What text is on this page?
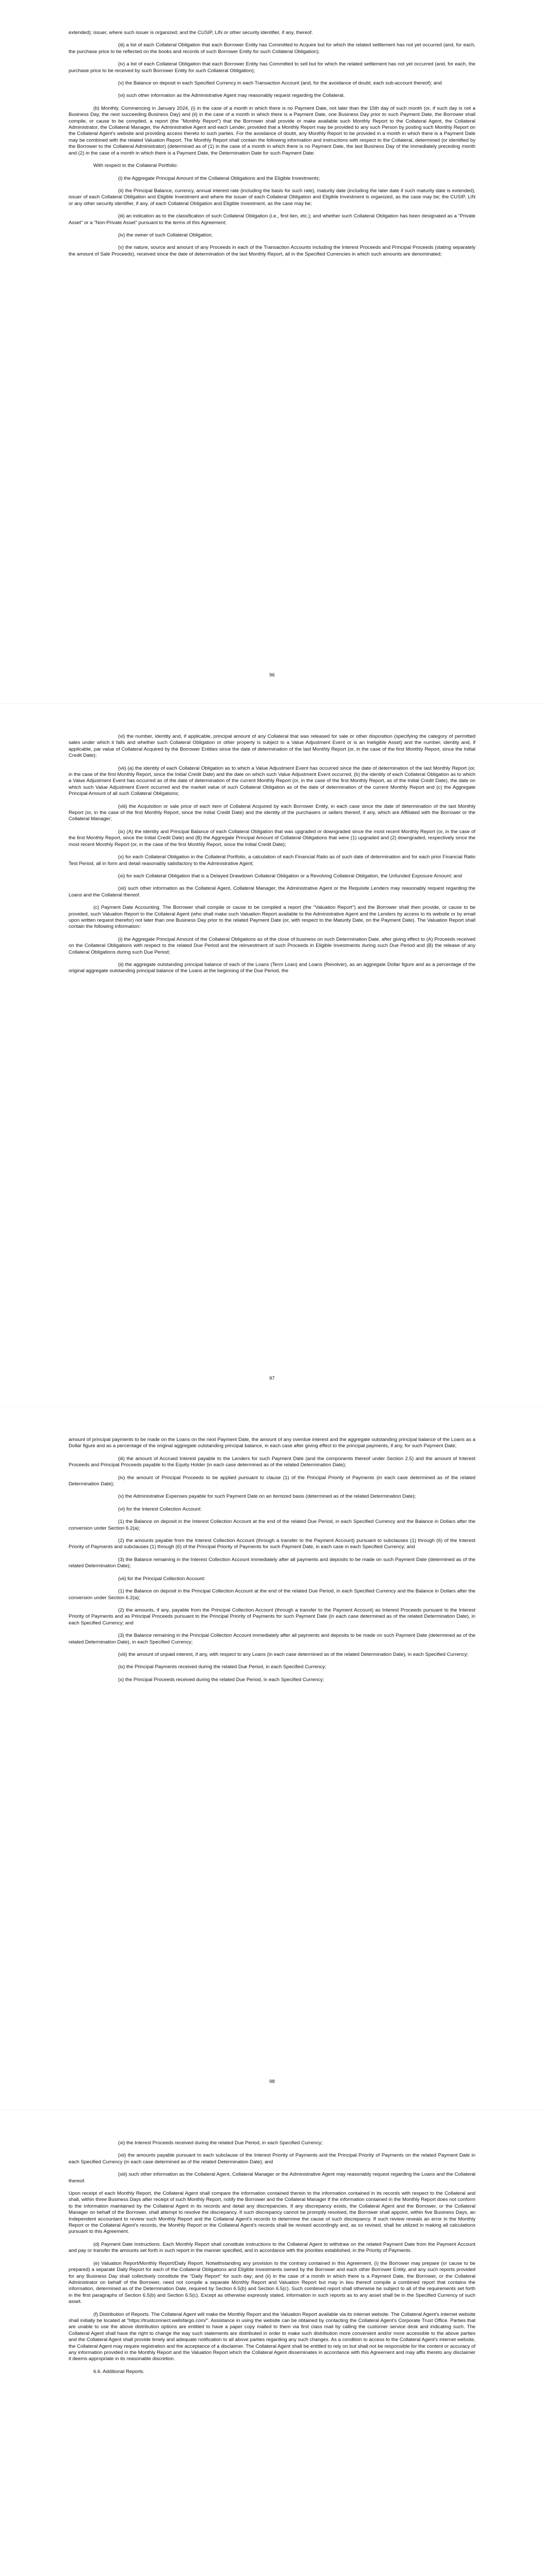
extended); issuer, where such issuer is organized; and the CUSIP, LIN or other security identifier, if any, thereof.

(iii) a list of each Collateral Obligation that each Borrower Entity has Committed to Acquire but for which the related settlement has not yet occurred (and, for each, the purchase price to be reflected on the books and records of such Borrower Entity for such Collateral Obligation);

(iv) a list of each Collateral Obligation that each Borrower Entity has Committed to sell but for which the related settlement has not yet occurred (and, for each, the purchase price to be received by such Borrower Entity for such Collateral Obligation);

(v) the Balance on deposit in each Specified Currency in each Transaction Account (and, for the avoidance of doubt, each sub-account thereof); and

(vi) such other information as the Administrative Agent may reasonably request regarding the Collateral.

(b) Monthly. Commencing in January 2024, (i) in the case of a month in which there is no Payment Date, not later than the 15th day of such month (or, if such day is not a Business Day, the next succeeding Business Day) and (ii) in the case of a month in which there is a Payment Date, one Business Day prior to such Payment Date, the Borrower shall compile, or cause to be compiled, a report (the "Monthly Report") that the Borrower shall provide or make available such Monthly Report to the Collateral Agent, the Collateral Administrator, the Collateral Manager, the Administrative Agent and each Lender, provided that a Monthly Report may be provided to any such Person by posting such Monthly Report on the Collateral Agent's website and providing access thereto to such parties. For the avoidance of doubt, any Monthly Report to be provided in a month in which there is a Payment Date may be combined with the related Valuation Report. The Monthly Report shall contain the following information and instructions with respect to the Collateral, determined (or identified by the Borrower to the Collateral Administrator) (determined as of (1) in the case of a month in which there is no Payment Date, the last Business Day of the immediately preceding month and (2) in the case of a month in which there is a Payment Date, the Determination Date for such Payment Date:

With respect to the Collateral Portfolio:

(i) the Aggregate Principal Amount of the Collateral Obligations and the Eligible Investments;

(ii) the Principal Balance, currency, annual interest rate (including the basis for such rate), maturity date (including the later date if such maturity date is extended), issuer of each Collateral Obligation and Eligible Investment and where the issuer of each Collateral Obligation and Eligible Investment is organized, as the case may be; the CUSIP, LIN or any other security identifier, if any, of each Collateral Obligation and Eligible Investment, as the case may be;

(iii) an indication as to the classification of such Collateral Obligation (i.e., first lien, etc.); and whether such Collateral Obligation has been designated as a "Private Asset" or a "Non-Private Asset" pursuant to the terms of this Agreement;

(iv) the owner of such Collateral Obligation;

(v) the nature, source and amount of any Proceeds in each of the Transaction Accounts including the Interest Proceeds and Principal Proceeds (stating separately the amount of Sale Proceeds), received since the date of determination of the last Monthly Report, all in the Specified Currencies in which such amounts are denominated;

96

(vi) the number, identity and, if applicable, principal amount of any Collateral that was released for sale or other disposition (specifying the category of permitted sales under which it falls and whether such Collateral Obligation or other property is subject to a Value Adjustment Event or is an Ineligible Asset) and the number, identity and, if applicable, par value of Collateral Acquired by the Borrower Entities since the date of determination of the last Monthly Report (or, in the case of the first Monthly Report, since the Initial Credit Date);

(vii) (a) the identity of each Collateral Obligation as to which a Value Adjustment Event has occurred since the date of determination of the last Monthly Report (or, in the case of the first Monthly Report, since the Initial Credit Date) and the date on which such Value Adjustment Event occurred, (b) the identity of each Collateral Obligation as to which a Value Adjustment Event has occurred as of the date of determination of the current Monthly Report (or, in the case of the first Monthly Report, as of the Initial Credit Date), the date on which such Value Adjustment Event occurred and the market value of such Collateral Obligation as of the date of determination of the current Monthly Report and (c) the Aggregate Principal Amount of all such Collateral Obligations;

(viii) the Acquisition or sale price of each item of Collateral Acquired by each Borrower Entity, in each case since the date of determination of the last Monthly Report (or, in the case of the first Monthly Report, since the Initial Credit Date) and the identity of the purchasers or sellers thereof, if any, which are Affiliated with the Borrower or the Collateral Manager;

(ix) (A) the identity and Principal Balance of each Collateral Obligation that was upgraded or downgraded since the most recent Monthly Report (or, in the case of the first Monthly Report, since the Initial Credit Date) and (B) the Aggregate Principal Amount of Collateral Obligations that were (1) upgraded and (2) downgraded, respectively since the most recent Monthly Report (or, in the case of the first Monthly Report, since the Initial Credit Date);

(x) for each Collateral Obligation in the Collateral Portfolio, a calculation of each Financial Ratio as of such date of determination and for each prior Financial Ratio Test Period, all in form and detail reasonably satisfactory to the Administrative Agent;

(xi) for each Collateral Obligation that is a Delayed Drawdown Collateral Obligation or a Revolving Collateral Obligation, the Unfunded Exposure Amount; and

(xii) such other information as the Collateral Agent, Collateral Manager, the Administrative Agent or the Requisite Lenders may reasonably request regarding the Loans and the Collateral thereof.

(c) Payment Date Accounting. The Borrower shall compile or cause to be compiled a report (the "Valuation Report") and the Borrower shall then provide, or cause to be provided, such Valuation Report to the Collateral Agent (who shall make such Valuation Report available to the Administrative Agent and the Lenders by access to its website or by email upon written request therefor) not later than one Business Day prior to the related Payment Date (or, with respect to the Maturity Date, on the Payment Date). The Valuation Report shall contain the following information:

(i) the Aggregate Principal Amount of the Collateral Obligations as of the close of business on such Determination Date, after giving effect to (A) Proceeds received on the Collateral Obligations with respect to the related Due Period and the reinvestment of such Proceeds in Eligible Investments during such Due Period and (B) the release of any Collateral Obligations during such Due Period;

(ii) the aggregate outstanding principal balance of each of the Loans (Term Loan) and Loans (Revolver), as an aggregate Dollar figure and as a percentage of the original aggregate outstanding principal balance of the Loans at the beginning of the Due Period, the

97

amount of principal payments to be made on the Loans on the next Payment Date, the amount of any overdue interest and the aggregate outstanding principal balance of the Loans as a Dollar figure and as a percentage of the original aggregate outstanding principal balance, in each case after giving effect to the principal payments, if any, for such Payment Date;

(iii) the amount of Accrued Interest payable to the Lenders for such Payment Date (and the components thereof under Section 2.5) and the amount of Interest Proceeds and Principal Proceeds payable to the Equity Holder (in each case determined as of the related Determination Date);

(iv) the amount of Principal Proceeds to be applied pursuant to clause (1) of the Principal Priority of Payments (in each case determined as of the related Determination Date);

(v) the Administrative Expenses payable for such Payment Date on an itemized basis (determined as of the related Determination Date);

(vi) for the Interest Collection Account:

(1) the Balance on deposit in the Interest Collection Account at the end of the related Due Period, in each Specified Currency and the Balance in Dollars after the conversion under Section 6.2(a);

(2) the amounts payable from the Interest Collection Account (through a transfer to the Payment Account) pursuant to subclauses (1) through (6) of the Interest Priority of Payments and subclauses (1) through (6) of the Principal Priority of Payments for such Payment Date, in each case in each Specified Currency; and

(3) the Balance remaining in the Interest Collection Account immediately after all payments and deposits to be made on such Payment Date (determined as of the related Determination Date);

(vii) for the Principal Collection Account:

(1) the Balance on deposit in the Principal Collection Account at the end of the related Due Period, in each Specified Currency and the Balance in Dollars after the conversion under Section 6.2(a);

(2) the amounts, if any, payable from the Principal Collection Account (through a transfer to the Payment Account) as Interest Proceeds pursuant to the Interest Priority of Payments and as Principal Proceeds pursuant to the Principal Priority of Payments for such Payment Date (in each case determined as of the related Determination Date), in each Specified Currency; and

(3) the Balance remaining in the Principal Collection Account immediately after all payments and deposits to be made on such Payment Date (determined as of the related Determination Date), in each Specified Currency;

(viii) the amount of unpaid interest, if any, with respect to any Loans (in each case determined as of the related Determination Date), in each Specified Currency;

(ix) the Principal Payments received during the related Due Period, in each Specified Currency;

(x) the Principal Proceeds received during the related Due Period, in each Specified Currency;

98

(xi) the Interest Proceeds received during the related Due Period, in each Specified Currency;

(xii) the amounts payable pursuant to each subclause of the Interest Priority of Payments and the Principal Priority of Payments on the related Payment Date in each Specified Currency (in each case determined as of the related Determination Date); and

(xiii) such other information as the Collateral Agent, Collateral Manager or the Administrative Agent may reasonably request regarding the Loans and the Collateral thereof.

Upon receipt of each Monthly Report, the Collateral Agent shall compare the information contained therein to the information contained in its records with respect to the Collateral and shall, within three Business Days after receipt of such Monthly Report, notify the Borrower and the Collateral Manager if the information contained in the Monthly Report does not conform to the information maintained by the Collateral Agent in its records and detail any discrepancies. If any discrepancy exists, the Collateral Agent and the Borrower, or the Collateral Manager on behalf of the Borrower, shall attempt to resolve the discrepancy. If such discrepancy cannot be promptly resolved, the Borrower shall appoint, within five Business Days, an Independent accountant to review such Monthly Report and the Collateral Agent's records to determine the cause of such discrepancy. If such review reveals an error in the Monthly Report or the Collateral Agent's records, the Monthly Report or the Collateral Agent's records shall be revised accordingly and, as so revised, shall be utilized in making all calculations pursuant to this Agreement.

(d) Payment Date Instructions. Each Monthly Report shall constitute instructions to the Collateral Agent to withdraw on the related Payment Date from the Payment Account and pay or transfer the amounts set forth in such report in the manner specified, and in accordance with the priorities established, in the Priority of Payments.

(e) Valuation Report/Monthly Report/Daily Report. Notwithstanding any provision to the contrary contained in this Agreement, (i) the Borrower may prepare (or cause to be prepared) a separate Daily Report for each of the Collateral Obligations and Eligible Investments owned by the Borrower and each other Borrower Entity, and any such reports provided for any Business Day shall collectively constitute the "Daily Report" for such day; and (ii) in the case of a month in which there is a Payment Date, the Borrower, or the Collateral Administrator on behalf of the Borrower, need not compile a separate Monthly Report and Valuation Report but may in lieu thereof compile a combined report that contains the information, determined as of the Determination Date, required by Section 6.5(b) and Section 6.5(c). Such combined report shall otherwise be subject to all of the requirements set forth in the first paragraphs of Section 6.5(b) and Section 6.5(c). Except as otherwise expressly stated, information in such reports as to any asset shall be in the Specified Currency of such asset.

(f) Distribution of Reports. The Collateral Agent will make the Monthly Report and the Valuation Report available via its internet website. The Collateral Agent's internet website shall initially be located at "https://trustconnect.wellsfargo.com/". Assistance in using the website can be obtained by contacting the Collateral Agent's Corporate Trust Office. Parties that are unable to use the above distribution options are entitled to have a paper copy mailed to them via first class mail by calling the customer service desk and indicating such. The Collateral Agent shall have the right to change the way such statements are distributed in order to make such distribution more convenient and/or more accessible to the above parties and the Collateral Agent shall provide timely and adequate notification to all above parties regarding any such changes. As a condition to access to the Collateral Agent's internet website, the Collateral Agent may require registration and the acceptance of a disclaimer. The Collateral Agent shall be entitled to rely on but shall not be responsible for the content or accuracy of any information provided in the Monthly Report and the Valuation Report which the Collateral Agent disseminates in accordance with this Agreement and may affix thereto any disclaimer it deems appropriate in its reasonable discretion.

6.6. Additional Reports.
